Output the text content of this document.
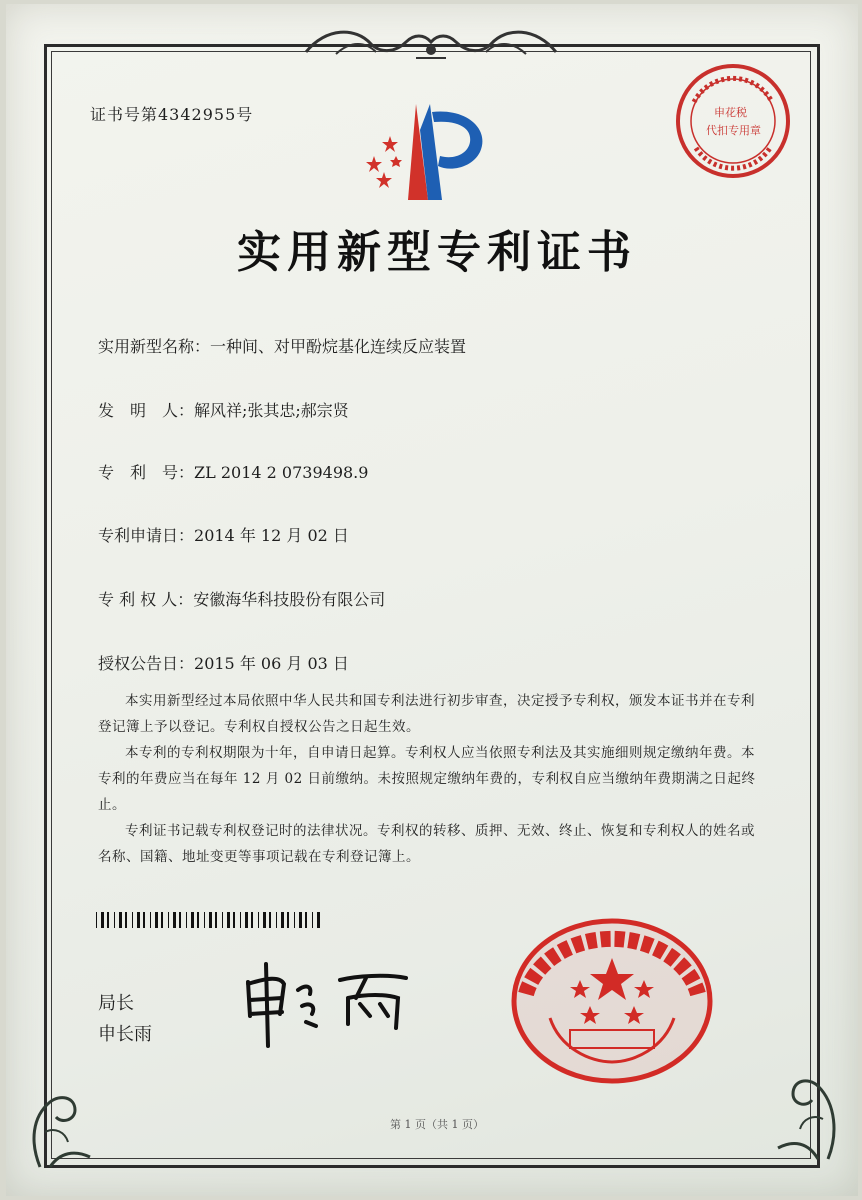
证书号第4342955号
实用新型专利证书
实用新型名称：一种间、对甲酚烷基化连续反应装置
发　明　人：解风祥;张其忠;郝宗贤
专　利　号：ZL 2014 2 0739498.9
专利申请日：2014 年 12 月 02 日
专 利 权 人：安徽海华科技股份有限公司
授权公告日：2015 年 06 月 03 日

本实用新型经过本局依照中华人民共和国专利法进行初步审查，决定授予专利权，颁发本证书并在专利登记簿上予以登记。专利权自授权公告之日起生效。

本专利的专利权期限为十年，自申请日起算。专利权人应当依照专利法及其实施细则规定缴纳年费。本专利的年费应当在每年 12 月 02 日前缴纳。未按照规定缴纳年费的，专利权自应当缴纳年费期满之日起终止。

专利证书记载专利权登记时的法律状况。专利权的转移、质押、无效、终止、恢复和专利权人的姓名或名称、国籍、地址变更等事项记载在专利登记簿上。

局长
申长雨
第 1 页（共 1 页）
申花税
代扣专用章
